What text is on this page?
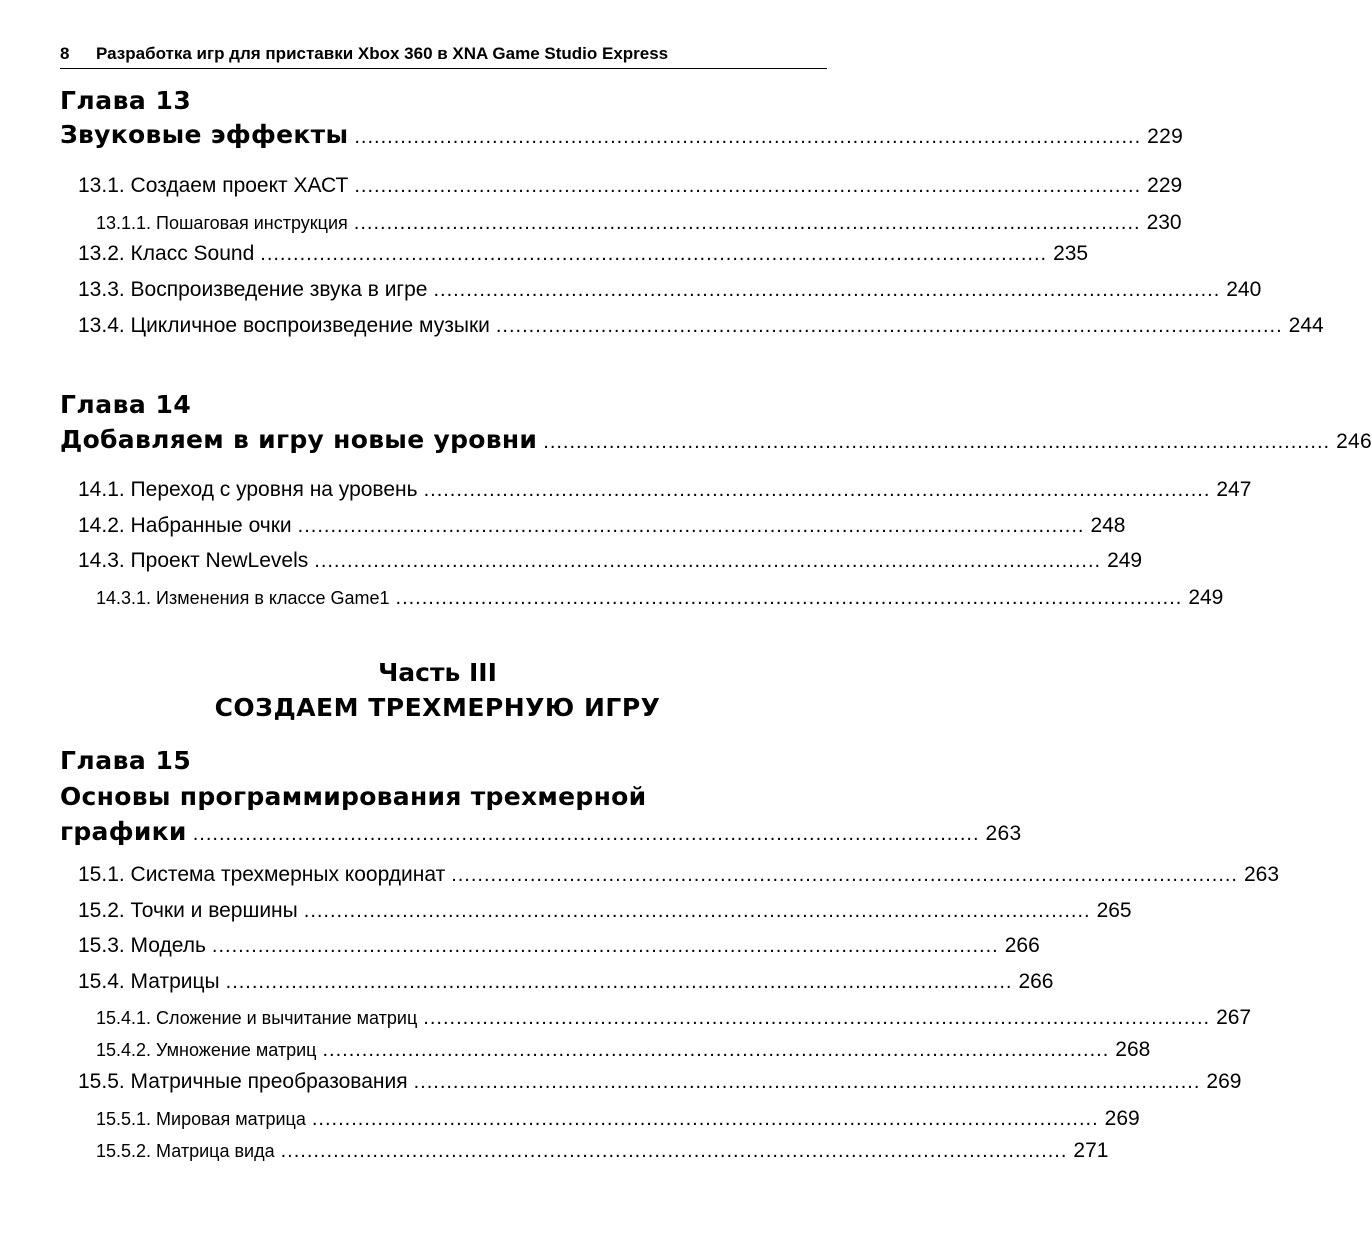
8 Разработка игр для приставки Xbox 360 в XNA Game Studio Express
Глава 13
Звуковые эффекты ........................................................................................................................ 229
13.1. Создаем проект ХАСТ ........................................................................................................................ 229
13.1.1. Пошаговая инструкция ........................................................................................................................ 230
13.2. Класс Sound ........................................................................................................................ 235
13.3. Воспроизведение звука в игре ........................................................................................................................ 240
13.4. Цикличное воспроизведение музыки ........................................................................................................................ 244
Глава 14
Добавляем в игру новые уровни ........................................................................................................................ 246
14.1. Переход с уровня на уровень ........................................................................................................................ 247
14.2. Набранные очки ........................................................................................................................ 248
14.3. Проект NewLevels ........................................................................................................................ 249
14.3.1. Изменения в классе Game1 ........................................................................................................................ 249
Часть III
СОЗДАЕМ ТРЕХМЕРНУЮ ИГРУ
Глава 15
Основы программирования трехмерной
графики ........................................................................................................................ 263
15.1. Система трехмерных координат ........................................................................................................................ 263
15.2. Точки и вершины ........................................................................................................................ 265
15.3. Модель ........................................................................................................................ 266
15.4. Матрицы ........................................................................................................................ 266
15.4.1. Сложение и вычитание матриц ........................................................................................................................ 267
15.4.2. Умножение матриц ........................................................................................................................ 268
15.5. Матричные преобразования ........................................................................................................................ 269
15.5.1. Мировая матрица ........................................................................................................................ 269
15.5.2. Матрица вида ........................................................................................................................ 271
